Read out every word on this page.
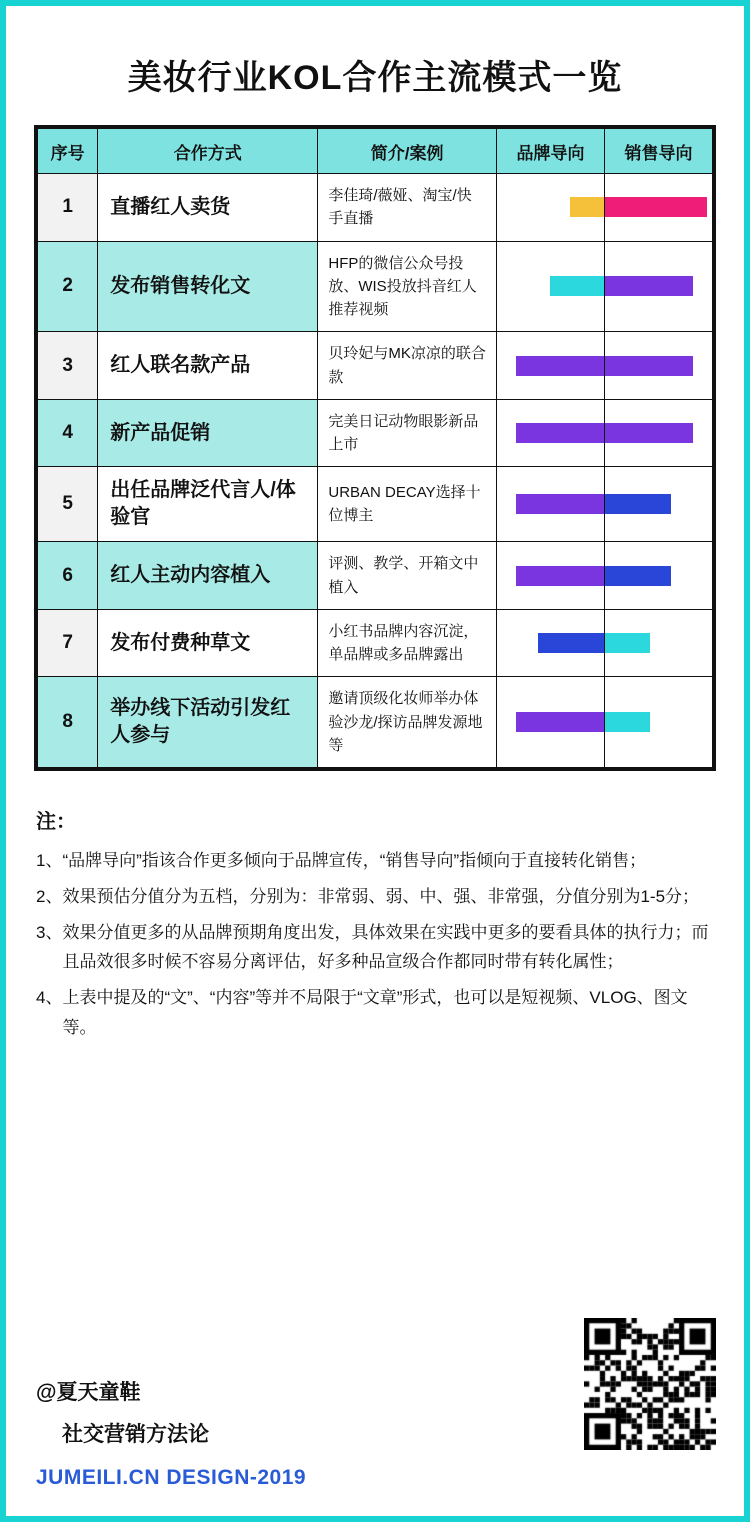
美妆行业KOL合作主流模式一览
序号	合作方式	简介/案例	品牌导向	销售导向
1	直播红人卖货	李佳琦/薇娅、淘宝/快手直播	

2	发布销售转化文	HFP的微信公众号投放、WIS投放抖音红人推荐视频	

3	红人联名款产品	贝玲妃与MK凉凉的联合款	

4	新产品促销	完美日记动物眼影新品上市	

5	出任品牌泛代言人/体验官	URBAN DECAY选择十位博主	

6	红人主动内容植入	评测、教学、开箱文中植入	

7	发布付费种草文	小红书品牌内容沉淀，单品牌或多品牌露出	

8	举办线下活动引发红人参与	邀请顶级化妆师举办体验沙龙/探访品牌发源地等	

注：
1、 “品牌导向”指该合作更多倾向于品牌宣传，“销售导向”指倾向于直接转化销售；
2、 效果预估分值分为五档，分别为：非常弱、弱、中、强、非常强，分值分别为1-5分；
3、 效果分值更多的从品牌预期角度出发，具体效果在实践中更多的要看具体的执行力；而且品效很多时候不容易分离评估，好多种品宣级合作都同时带有转化属性；
4、 上表中提及的“文”、“内容”等并不局限于“文章”形式，也可以是短视频、VLOG、图文等。
@夏天童鞋
社交营销方法论
JUMEILI.CN DESIGN-2019
